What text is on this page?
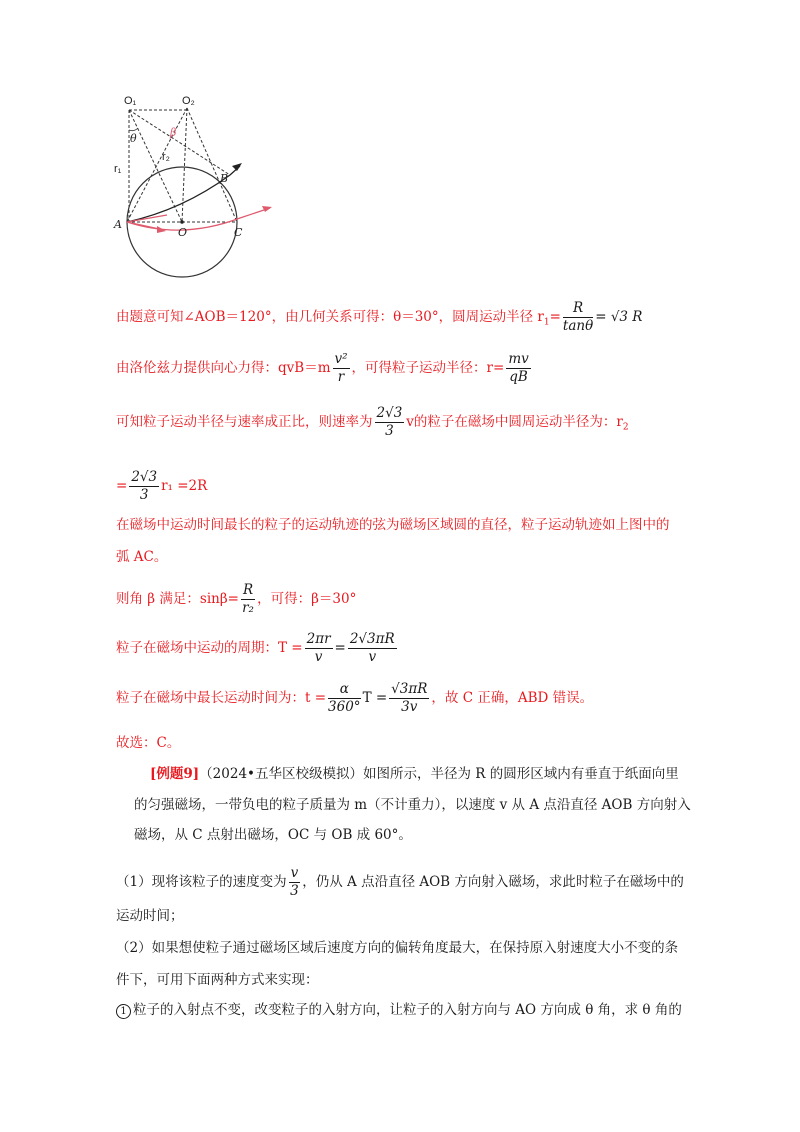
O₁	O₂
θ	β
r₁
r₂
A
O
B
C
由题意可知∠AOB＝120°，由几何关系可得：θ＝30°，圆周运动半径 $r_1= \frac{R}{\tan\theta} = √3$ R
由洛伦兹力提供向心力得：$qvB=m \frac{\text{v²}}{r}$ ，可得粒子运动半径：$r= \frac{mv}{qB}$
可知粒子运动半径与速率成正比，则速率为 $\frac{2√3}{3}$ v的粒子在磁场中圆周运动半径为：$r_2$
= $\frac{2√3}{3} r_1 =2R$
在磁场中运动时间最长的粒子的运动轨迹的弦为磁场区域圆的直径，粒子运动轨迹如上图中的
弧 AC。
则角 β 满足：$\sin\beta= \frac{R}{\text{r₂}}$ ，可得：β＝30°
粒子在磁场中运动的周期：$T = \frac{2\pi r}{v} = \frac{2√3\pi R}{v}$
粒子在磁场中最长运动时间为：$t = \frac{\alpha}{360^\circ}$ $T = \frac{√3\pi R}{3v}$ ，故 C 正确，ABD 错误。
故选：C。
[例题9]（2024•五华区校级模拟）如图所示，半径为 R 的圆形区域内有垂直于纸面向里
的匀强磁场，一带负电的粒子质量为 m（不计重力），以速度 v 从 A 点沿直径 AOB 方向射入
磁场，从 C 点射出磁场，OC 与 OB 成 60°。
（1）现将该粒子的速度变为 $\frac{v}{3}$ ，仍从 A 点沿直径 AOB 方向射入磁场，求此时粒子在磁场中的
运动时间；
（2）如果想使粒子通过磁场区域后速度方向的偏转角度最大，在保持原入射速度大小不变的条
件下，可用下面两种方式来实现：
1 粒子的入射点不变，改变粒子的入射方向，让粒子的入射方向与 AO 方向成 θ 角，求 θ 角的
